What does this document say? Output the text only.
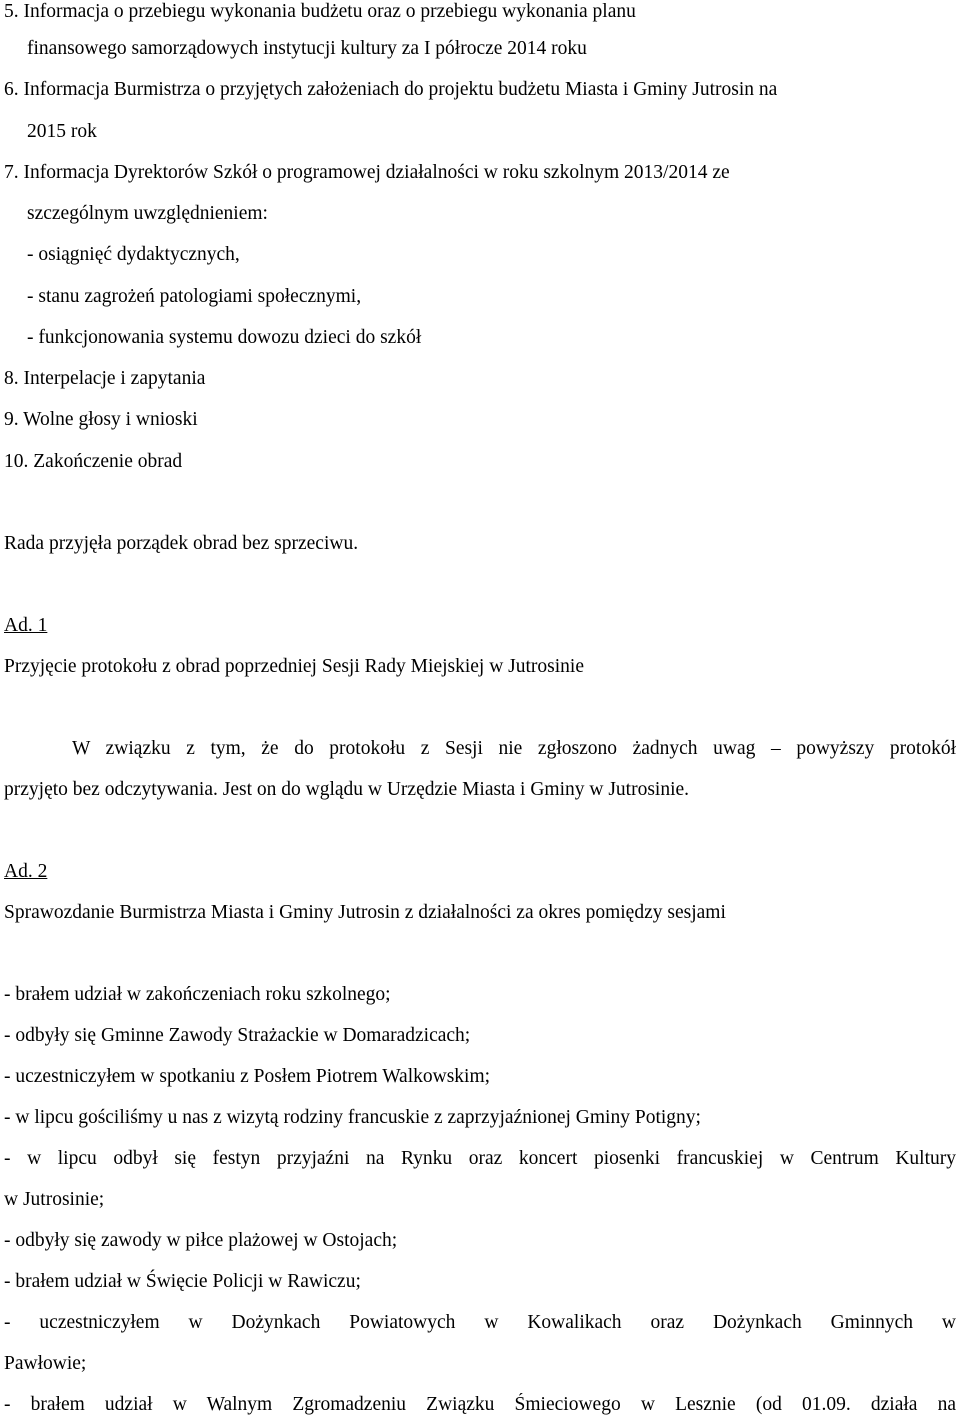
5. Informacja o przebiegu wykonania budżetu oraz o przebiegu wykonania planu
finansowego samorządowych instytucji kultury za I półrocze 2014 roku
6. Informacja Burmistrza o przyjętych założeniach do projektu budżetu Miasta i Gminy Jutrosin na
2015 rok
7. Informacja Dyrektorów Szkół o programowej działalności w roku szkolnym 2013/2014 ze
szczególnym uwzględnieniem:
- osiągnięć dydaktycznych,
- stanu zagrożeń patologiami społecznymi,
- funkcjonowania systemu dowozu dzieci do szkół
8. Interpelacje i zapytania
9. Wolne głosy i wnioski
10. Zakończenie obrad
Rada przyjęła porządek obrad bez sprzeciwu.
Ad. 1
Przyjęcie protokołu z obrad poprzedniej Sesji Rady Miejskiej w Jutrosinie
W związku z tym, że do protokołu z Sesji nie zgłoszono żadnych uwag – powyższy protokół
przyjęto bez odczytywania. Jest on do wglądu w Urzędzie Miasta i Gminy w Jutrosinie.
Ad. 2
Sprawozdanie Burmistrza Miasta i Gminy Jutrosin z działalności za okres pomiędzy sesjami
- brałem udział w zakończeniach roku szkolnego;
- odbyły się Gminne Zawody Strażackie w Domaradzicach;
- uczestniczyłem w spotkaniu z Posłem Piotrem Walkowskim;
- w lipcu gościliśmy u nas z wizytą rodziny francuskie z zaprzyjaźnionej Gminy Potigny;
- w lipcu odbył się festyn przyjaźni na Rynku oraz koncert piosenki francuskiej w Centrum Kultury
w Jutrosinie;
- odbyły się zawody w piłce plażowej w Ostojach;
- brałem udział w Święcie Policji w Rawiczu;
- uczestniczyłem w Dożynkach Powiatowych w Kowalikach oraz Dożynkach Gminnych w
Pawłowie;
- brałem udział w Walnym Zgromadzeniu Związku Śmieciowego w Lesznie (od 01.09. działa na
